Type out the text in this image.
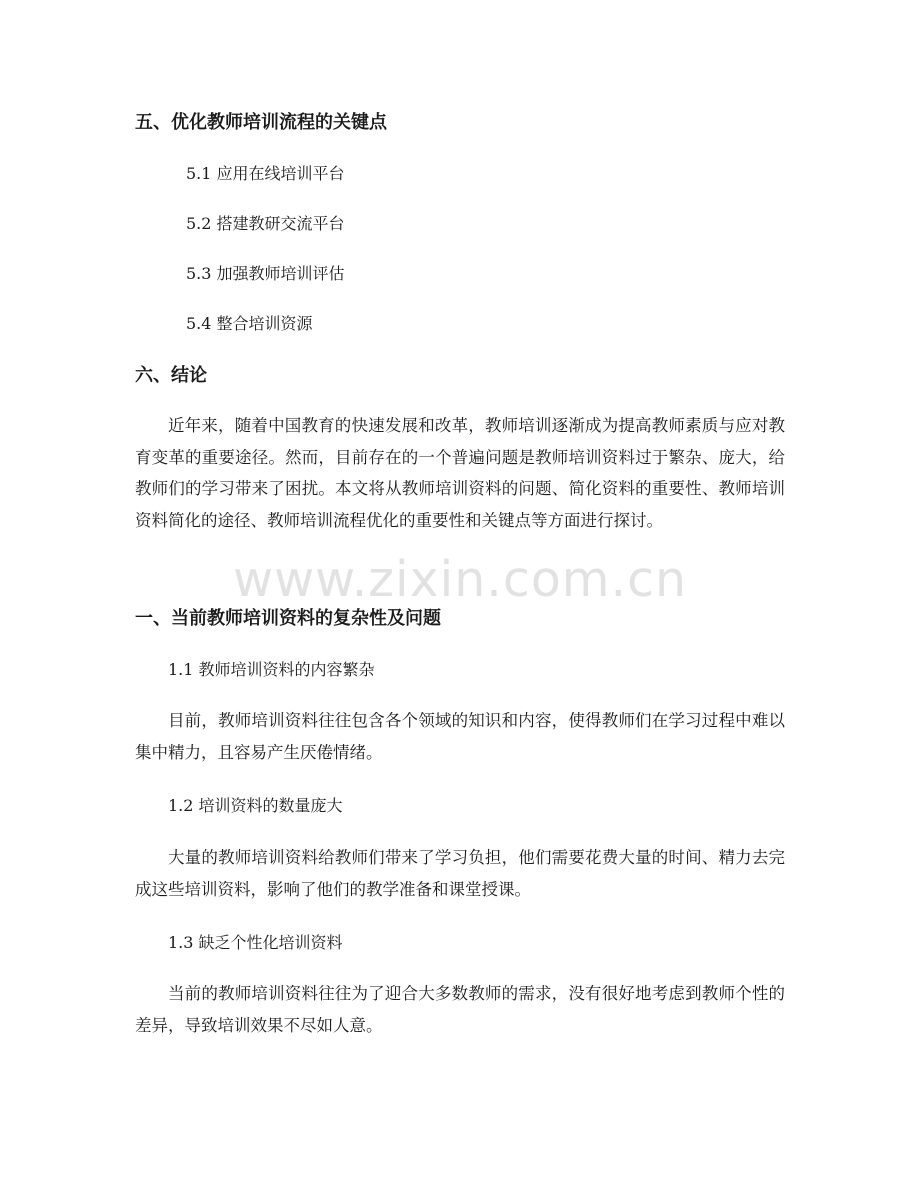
五、优化教师培训流程的关键点
5.1 应用在线培训平台
5.2 搭建教研交流平台
5.3 加强教师培训评估
5.4 整合培训资源
六、结论

近年来，随着中国教育的快速发展和改革，教师培训逐渐成为提高教师素质与应对教育变革的重要途径。然而，目前存在的一个普遍问题是教师培训资料过于繁杂、庞大，给教师们的学习带来了困扰。本文将从教师培训资料的问题、简化资料的重要性、教师培训资料简化的途径、教师培训流程优化的重要性和关键点等方面进行探讨。

www.zixin.com.cn
一、当前教师培训资料的复杂性及问题
1.1 教师培训资料的内容繁杂

目前，教师培训资料往往包含各个领域的知识和内容，使得教师们在学习过程中难以集中精力，且容易产生厌倦情绪。

1.2 培训资料的数量庞大

大量的教师培训资料给教师们带来了学习负担，他们需要花费大量的时间、精力去完成这些培训资料，影响了他们的教学准备和课堂授课。

1.3 缺乏个性化培训资料

当前的教师培训资料往往为了迎合大多数教师的需求，没有很好地考虑到教师个性的差异，导致培训效果不尽如人意。
